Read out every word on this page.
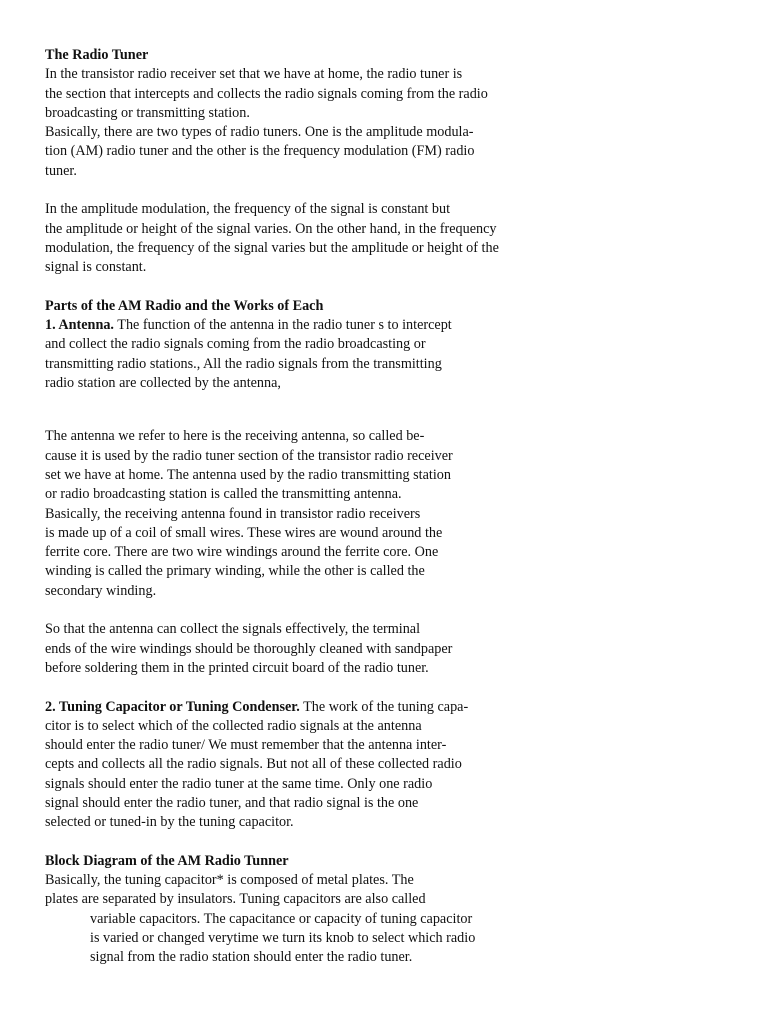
The Radio Tuner
In the transistor radio receiver set that we have at home, the radio tuner is
the section that intercepts and collects the radio signals coming from the radio
broadcasting or transmitting station.
Basically, there are two types of radio tuners. One is the amplitude modula-
tion (AM) radio tuner and the other is the frequency modulation (FM) radio
tuner.
In the amplitude modulation, the frequency of the signal is constant but
the amplitude or height of the signal varies. On the other hand, in the frequency
modulation, the frequency of the signal varies but the amplitude or height of the
signal is constant.
Parts of the AM Radio and the Works of Each
1. Antenna. The function of the antenna in the radio tuner s to intercept
and collect the radio signals coming from the radio broadcasting or
transmitting radio stations., All the radio signals from the transmitting
radio station are collected by the antenna,
The antenna we refer to here is the receiving antenna, so called be-
cause it is used by the radio tuner section of the transistor radio receiver
set we have at home. The antenna used by the radio transmitting station
or radio broadcasting station is called the transmitting antenna.
Basically, the receiving antenna found in transistor radio receivers
is made up of a coil of small wires. These wires are wound around the
ferrite core. There are two wire windings around the ferrite core. One
winding is called the primary winding, while the other is called the
secondary winding.
So that the antenna can collect the signals effectively, the terminal
ends of the wire windings should be thoroughly cleaned with sandpaper
before soldering them in the printed circuit board of the radio tuner.
2. Tuning Capacitor or Tuning Condenser. The work of the tuning capa-
citor is to select which of the collected radio signals at the antenna
should enter the radio tuner/ We must remember that the antenna inter-
cepts and collects all the radio signals. But not all of these collected radio
signals should enter the radio tuner at the same time. Only one radio
signal should enter the radio tuner, and that radio signal is the one
selected or tuned-in by the tuning capacitor.
Block Diagram of the AM Radio Tunner
Basically, the tuning capacitor* is composed of metal plates. The
plates are separated by insulators. Tuning capacitors are also called
variable capacitors. The capacitance or capacity of tuning capacitor
is varied or changed verytime we turn its knob to select which radio
signal from the radio station should enter the radio tuner.
